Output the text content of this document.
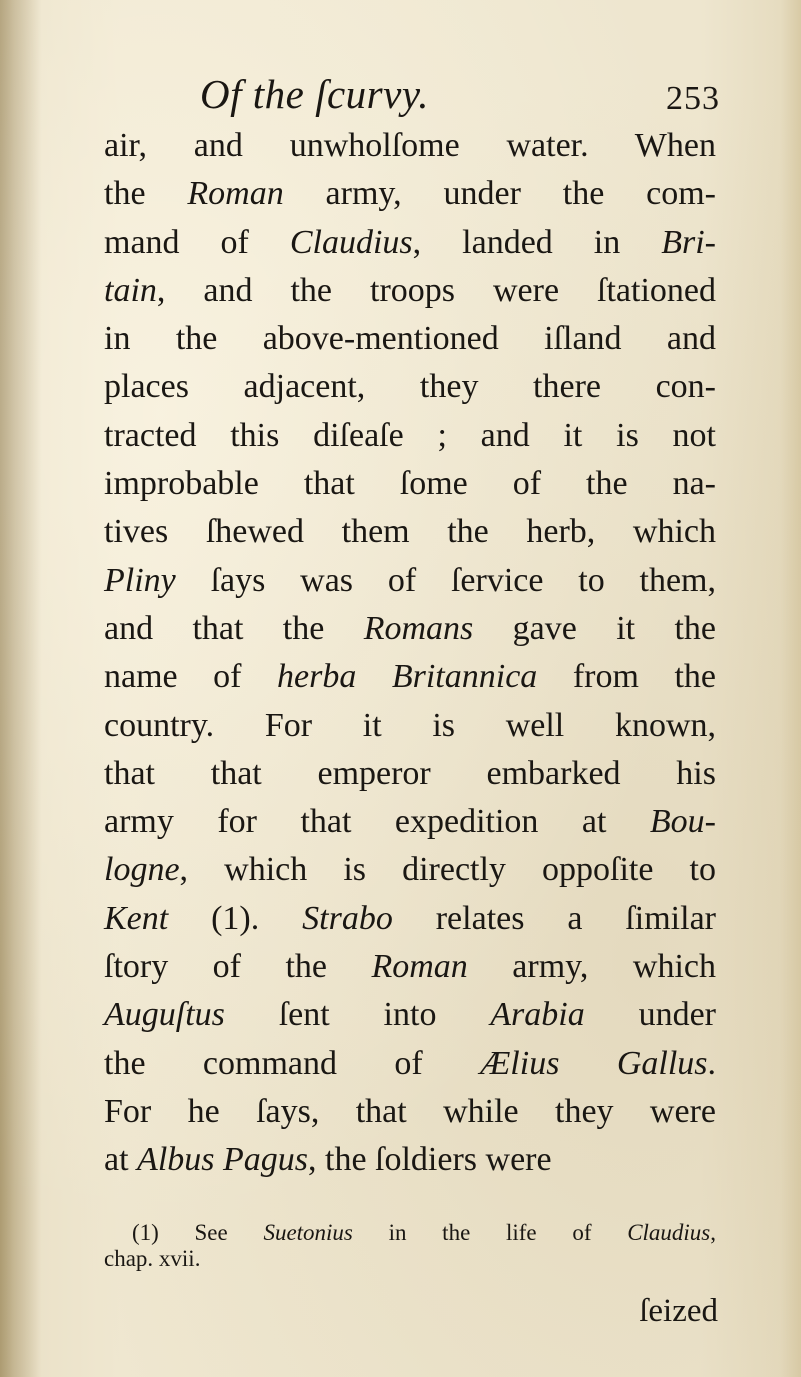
Of the ſcurvy.	253
air, and unwholſome water. When
the Roman army, under the com-
mand of Claudius, landed in Bri-
tain, and the troops were ſtationed
in the above-mentioned iſland and
places adjacent, they there con-
tracted this diſeaſe ; and it is not
improbable that ſome of the na-
tives ſhewed them the herb, which
Pliny ſays was of ſervice to them,
and that the Romans gave it the
name of herba Britannica from the
country. For it is well known,
that that emperor embarked his
army for that expedition at Bou-
logne, which is directly oppoſite to
Kent (1). Strabo relates a ſimilar
ſtory of the Roman army, which
Auguſtus ſent into Arabia under
the command of Ælius Gallus.
For he ſays, that while they were
at Albus Pagus, the ſoldiers were
(1) See Suetonius in the life of Claudius,
chap. xvii.
ſeized
